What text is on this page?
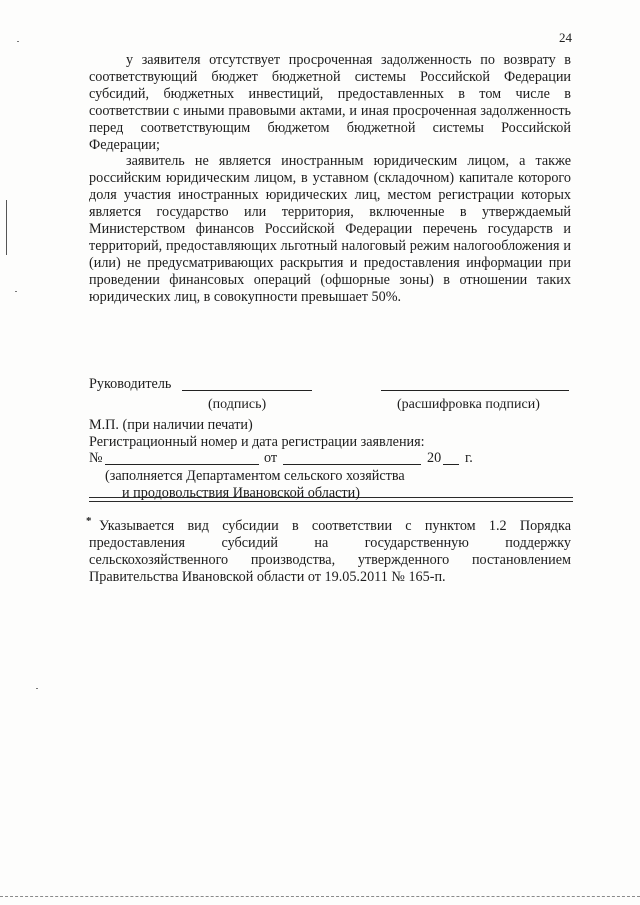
24

у заявителя отсутствует просроченная задолженность по возврату в соответствующий бюджет бюджетной системы Российской Федерации субсидий, бюджетных инвестиций, предоставленных в том числе в соответствии с иными правовыми актами, и иная просроченная задолженность перед соответствующим бюджетом бюджетной системы Российской Федерации;

заявитель не является иностранным юридическим лицом, а также российским юридическим лицом, в уставном (складочном) капитале которого доля участия иностранных юридических лиц, местом регистрации которых является государство или территория, включенные в утверждаемый Министерством финансов Российской Федерации перечень государств и территорий, предоставляющих льготный налоговый режим налогообложения и (или) не предусматривающих раскрытия и предоставления информации при проведении финансовых операций (офшорные зоны) в отношении таких юридических лиц, в совокупности превышает 50%.

Руководитель
(подпись)	(расшифровка подписи)
М.П. (при наличии печати)
Регистрационный номер и дата регистрации заявления:
№	от	20 г.
(заполняется Департаментом сельского хозяйства
и продовольствия Ивановской области)
* Указывается вид субсидии в соответствии с пунктом 1.2 Порядка предоставления субсидий на государственную поддержку сельскохозяйственного производства, утвержденного постановлением Правительства Ивановской области от 19.05.2011 № 165-п.
